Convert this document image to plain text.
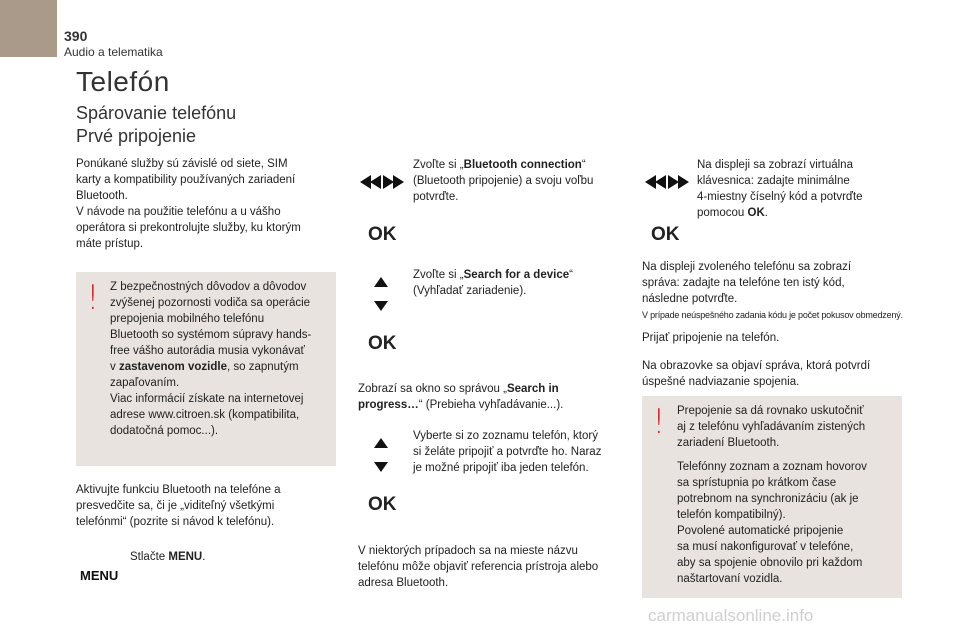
390
Audio a telematika
Telefón
Spárovanie telefónu
Prvé pripojenie
Ponúkané služby sú závislé od siete, SIM
karty a kompatibility používaných zariadení
Bluetooth.
V návode na použitie telefónu a u vášho
operátora si prekontrolujte služby, ku ktorým
máte prístup.
! Z bezpečnostných dôvodov a dôvodov
zvýšenej pozornosti vodiča sa operácie
prepojenia mobilného telefónu
Bluetooth so systémom súpravy hands-
free vášho autorádia musia vykonávať
v zastavenom vozidle, so zapnutým
zapaľovaním.
Viac informácií získate na internetovej
adrese www.citroen.sk (kompatibilita,
dodatočná pomoc...).
Aktivujte funkciu Bluetooth na telefóne a
presvedčite sa, či je „viditeľný všetkými
telefónmi“ (pozrite si návod k telefónu).
Stlačte MENU.
MENU
Zvoľte si „Bluetooth connection“
(Bluetooth pripojenie) a svoju voľbu
potvrďte.
OK
Zvoľte si „Search for a device“
(Vyhľadať zariadenie).
OK
Zobrazí sa okno so správou „Search in
progress…“ (Prebieha vyhľadávanie...).
Vyberte si zo zoznamu telefón, ktorý
si želáte pripojiť a potvrďte ho. Naraz
je možné pripojiť iba jeden telefón.
OK
V niektorých prípadoch sa na mieste názvu
telefónu môže objaviť referencia prístroja alebo
adresa Bluetooth.
Na displeji sa zobrazí virtuálna
klávesnica: zadajte minimálne
4-miestny číselný kód a potvrďte
pomocou OK.
OK
Na displeji zvoleného telefónu sa zobrazí
správa: zadajte na telefóne ten istý kód,
následne potvrďte.
V prípade neúspešného zadania kódu je počet pokusov obmedzený.
Prijať pripojenie na telefón.
Na obrazovke sa objaví správa, ktorá potvrdí
úspešné nadviazanie spojenia.
! Prepojenie sa dá rovnako uskutočniť
aj z telefónu vyhľadávaním zistených
zariadení Bluetooth.
Telefónny zoznam a zoznam hovorov
sa sprístupnia po krátkom čase
potrebnom na synchronizáciu (ak je
telefón kompatibilný).
Povolené automatické pripojenie
sa musí nakonfigurovať v telefóne,
aby sa spojenie obnovilo pri každom
naštartovaní vozidla.
carmanualsonline.info
